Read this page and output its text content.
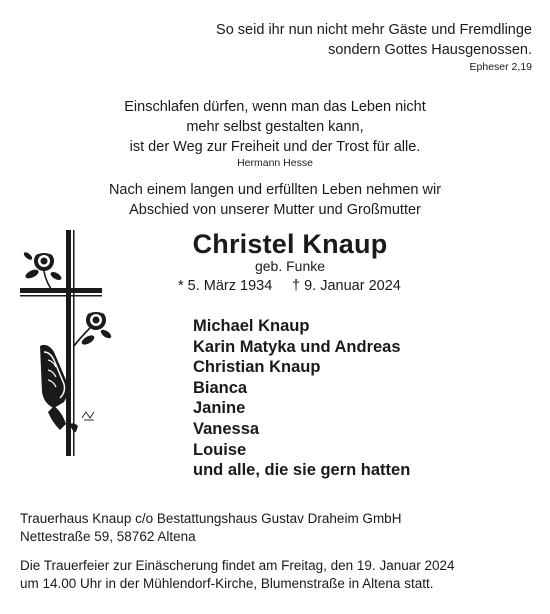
So seid ihr nun nicht mehr Gäste und Fremdlinge
sondern Gottes Hausgenossen.
Epheser 2,19
Einschlafen dürfen, wenn man das Leben nicht
mehr selbst gestalten kann,
ist der Weg zur Freiheit und der Trost für alle.
Hermann Hesse
Nach einem langen und erfüllten Leben nehmen wir
Abschied von unserer Mutter und Großmutter
Christel Knaup
geb. Funke
* 5. März 1934 † 9. Januar 2024
Michael Knaup
Karin Matyka und Andreas
Christian Knaup
Bianca
Janine
Vanessa
Louise
und alle, die sie gern hatten
Trauerhaus Knaup c/o Bestattungshaus Gustav Draheim GmbH
Nettestraße 59, 58762 Altena
Die Trauerfeier zur Einäscherung findet am Freitag, den 19. Januar 2024
um 14.00 Uhr in der Mühlendorf-Kirche, Blumenstraße in Altena statt.
